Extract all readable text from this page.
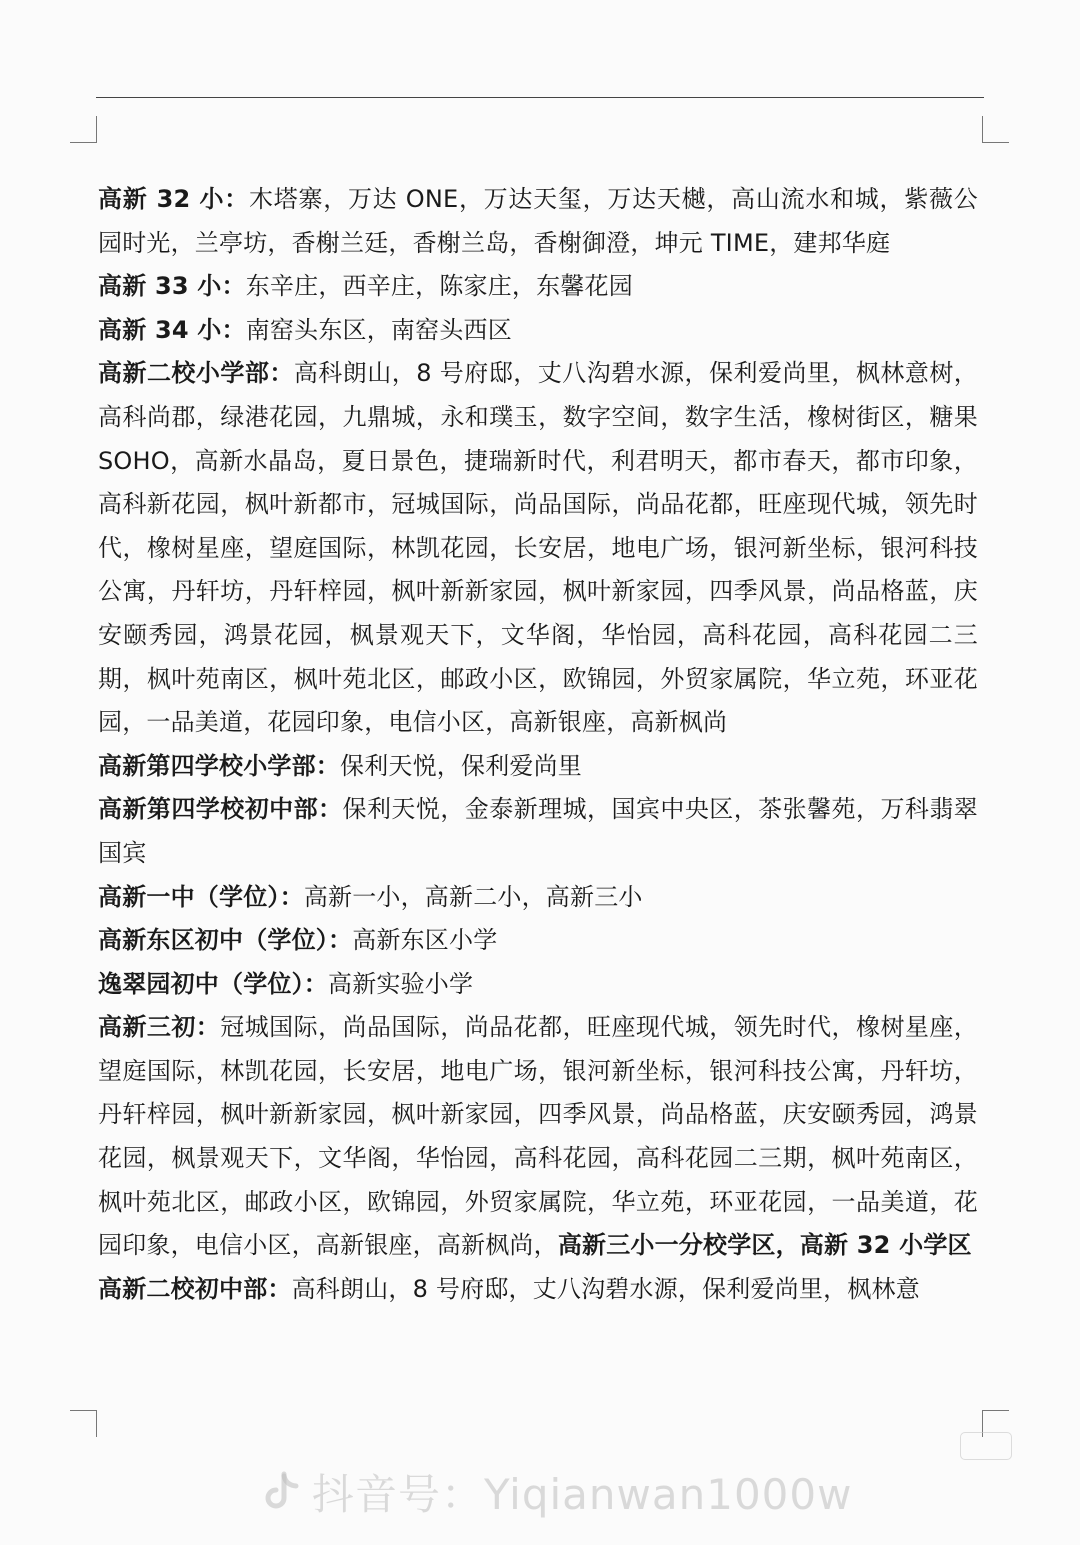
高新 32 小：木塔寨，万达 ONE，万达天玺，万达天樾，高山流水和城，紫薇公园时光，兰亭坊，香榭兰廷，香榭兰岛，香榭御澄，坤元 TIME，建邦华庭

高新 33 小：东辛庄，西辛庄，陈家庄，东馨花园

高新 34 小：南窑头东区，南窑头西区

高新二校小学部：高科朗山，8 号府邸，丈八沟碧水源，保利爱尚里，枫林意树，高科尚郡，绿港花园，九鼎城，永和璞玉，数字空间，数字生活，橡树街区，糖果 SOHO，高新水晶岛，夏日景色，捷瑞新时代，利君明天，都市春天，都市印象，高科新花园，枫叶新都市，冠城国际，尚品国际，尚品花都，旺座现代城，领先时代，橡树星座，望庭国际，林凯花园，长安居，地电广场，银河新坐标，银河科技公寓，丹轩坊，丹轩梓园，枫叶新新家园，枫叶新家园，四季风景，尚品格蓝，庆安颐秀园，鸿景花园，枫景观天下，文华阁，华怡园，高科花园，高科花园二三期，枫叶苑南区，枫叶苑北区，邮政小区，欧锦园，外贸家属院，华立苑，环亚花园，一品美道，花园印象，电信小区，高新银座，高新枫尚

高新第四学校小学部：保利天悦，保利爱尚里

高新第四学校初中部：保利天悦，金泰新理城，国宾中央区，茶张馨苑，万科翡翠国宾

高新一中（学位）：高新一小，高新二小，高新三小

高新东区初中（学位）：高新东区小学

逸翠园初中（学位）：高新实验小学

高新三初：冠城国际，尚品国际，尚品花都，旺座现代城，领先时代，橡树星座，望庭国际，林凯花园，长安居，地电广场，银河新坐标，银河科技公寓，丹轩坊，丹轩梓园，枫叶新新家园，枫叶新家园，四季风景，尚品格蓝，庆安颐秀园，鸿景花园，枫景观天下，文华阁，华怡园，高科花园，高科花园二三期，枫叶苑南区，枫叶苑北区，邮政小区，欧锦园，外贸家属院，华立苑，环亚花园，一品美道，花园印象，电信小区，高新银座，高新枫尚，高新三小一分校学区，高新 32 小学区

高新二校初中部：高科朗山，8 号府邸，丈八沟碧水源，保利爱尚里，枫林意

抖音号：Yiqianwan1000w
